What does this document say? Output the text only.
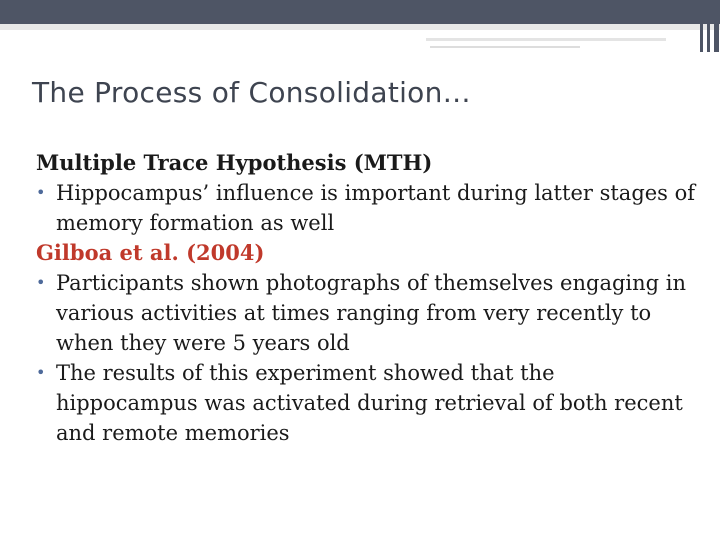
The Process of Consolidation…
Multiple Trace Hypothesis (MTH)
• Hippocampus’ influence is important during latter stages of memory formation as well
Gilboa et al. (2004)
• Participants shown photographs of themselves engaging in various activities at times ranging from very recently to when they were 5 years old
• The results of this experiment showed that the hippocampus was activated during retrieval of both recent and remote memories
